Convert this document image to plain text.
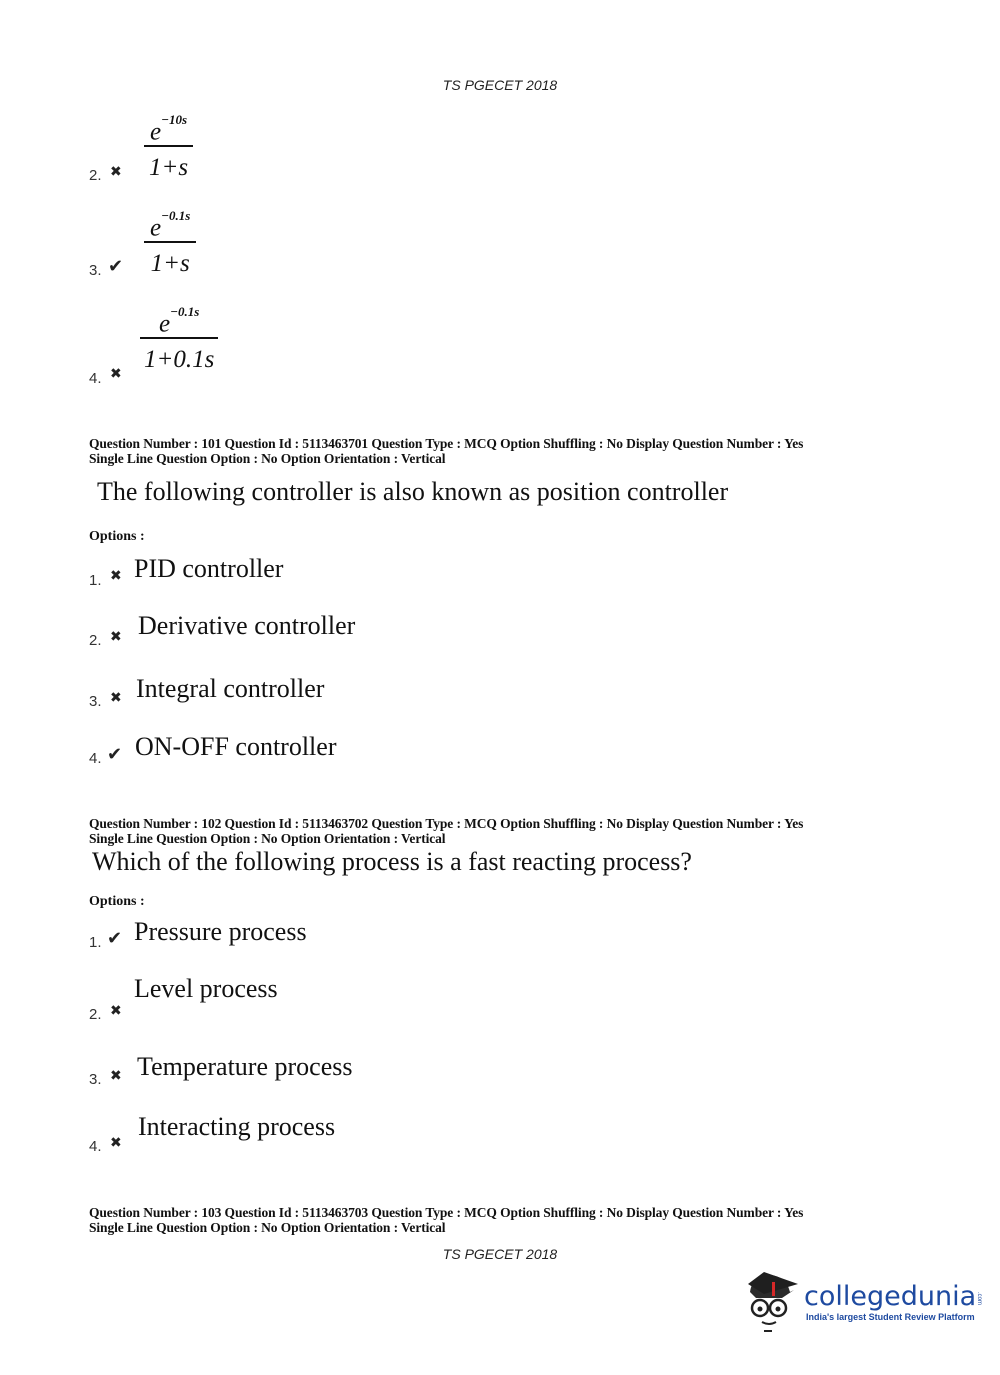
TS PGECET 2018
2. ✖
$e^{-10s}$
1+s
3. ✔
$e^{-0.1s}$
1+s
4. ✖
$e^{-0.1s}$
1+0.1s
Question Number : 101 Question Id : 5113463701 Question Type : MCQ Option Shuffling : No Display Question Number : Yes
Single Line Question Option : No Option Orientation : Vertical
The following controller is also known as position controller
Options :
1. ✖ PID controller
2. ✖ Derivative controller
3. ✖ Integral controller
4. ✔ ON-OFF controller
Question Number : 102 Question Id : 5113463702 Question Type : MCQ Option Shuffling : No Display Question Number : Yes
Single Line Question Option : No Option Orientation : Vertical
Which of the following process is a fast reacting process?
Options :
1. ✔ Pressure process
2. ✖
Level process
3. ✖ Temperature process
4. ✖
Interacting process
Question Number : 103 Question Id : 5113463703 Question Type : MCQ Option Shuffling : No Display Question Number : Yes
Single Line Question Option : No Option Orientation : Vertical
TS PGECET 2018
collegedunia.com
India's largest Student Review Platform
